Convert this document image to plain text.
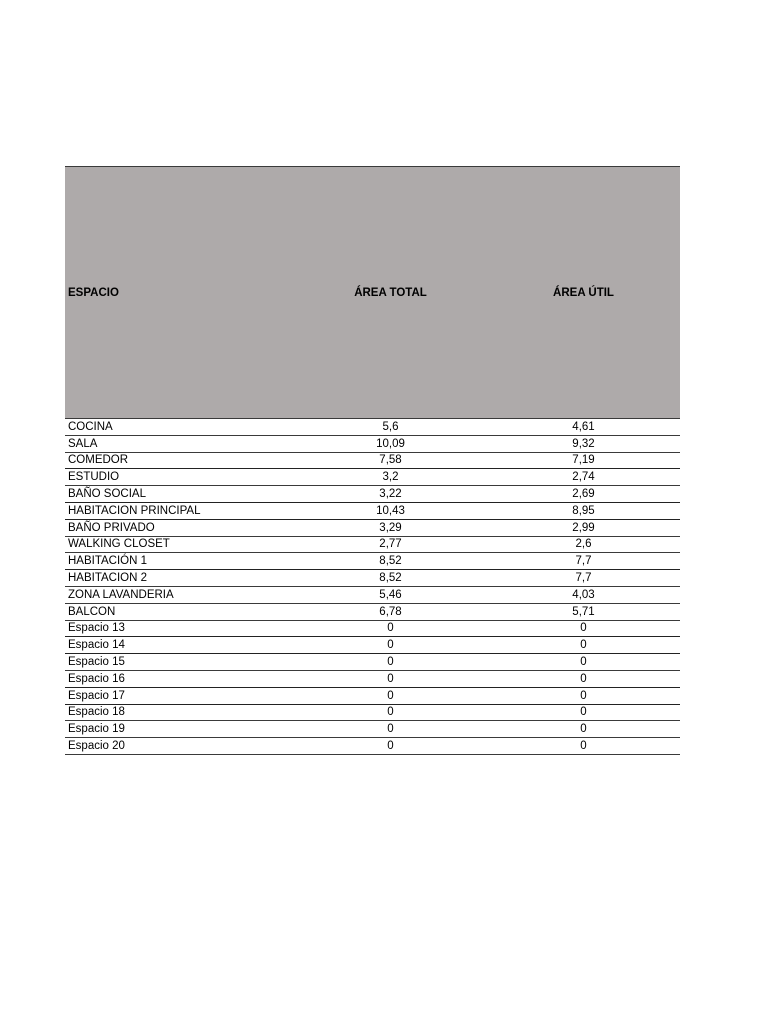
ESPACIO	ÁREA TOTAL	ÁREA ÚTIL
COCINA	5,6	4,61
SALA	10,09	9,32
COMEDOR	7,58	7,19
ESTUDIO	3,2	2,74
BAÑO SOCIAL	3,22	2,69
HABITACION PRINCIPAL	10,43	8,95
BAÑO PRIVADO	3,29	2,99
WALKING CLOSET	2,77	2,6
HABITACIÓN 1	8,52	7,7
HABITACION 2	8,52	7,7
ZONA LAVANDERIA	5,46	4,03
BALCON	6,78	5,71
Espacio 13	0	0
Espacio 14	0	0
Espacio 15	0	0
Espacio 16	0	0
Espacio 17	0	0
Espacio 18	0	0
Espacio 19	0	0
Espacio 20	0	0
